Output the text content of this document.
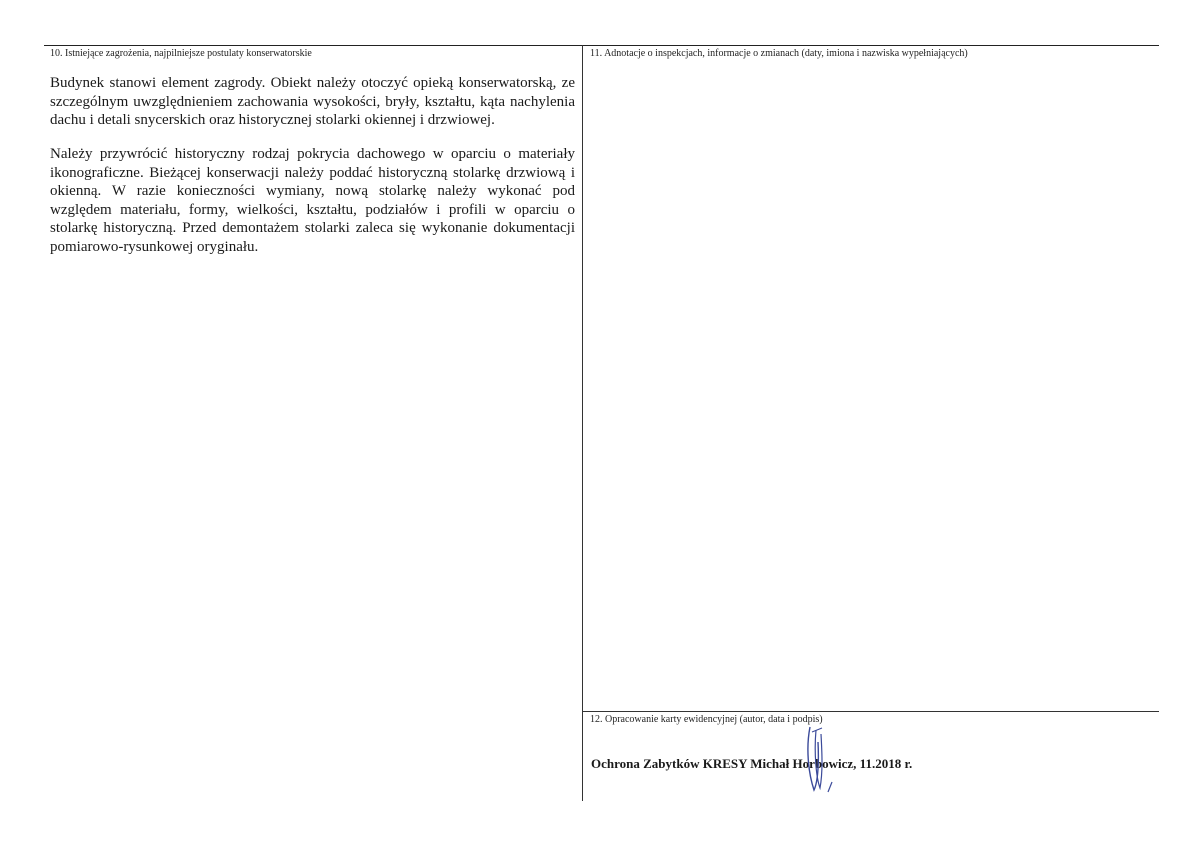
10. Istniejące zagrożenia, najpilniejsze postulaty konserwatorskie	11. Adnotacje o inspekcjach, informacje o zmianach (daty, imiona i nazwiska wypełniających)
12. Opracowanie karty ewidencyjnej (autor, data i podpis)

Budynek stanowi element zagrody. Obiekt należy otoczyć opieką konserwatorską, ze szczególnym uwzględnieniem zachowania wysokości, bryły, kształtu, kąta nachylenia dachu i detali snycerskich oraz historycznej stolarki okiennej i drzwiowej.

Należy przywrócić historyczny rodzaj pokrycia dachowego w oparciu o materiały ikonograficzne. Bieżącej konserwacji należy poddać historyczną stolarkę drzwiową i okienną. W razie konieczności wymiany, nową stolarkę należy wykonać pod względem materiału, formy, wielkości, kształtu, podziałów i profili w oparciu o stolarkę historyczną. Przed demontażem stolarki zaleca się wykonanie dokumentacji pomiarowo-rysunkowej oryginału.

Ochrona Zabytków KRESY Michał Horbowicz, 11.2018 r.
